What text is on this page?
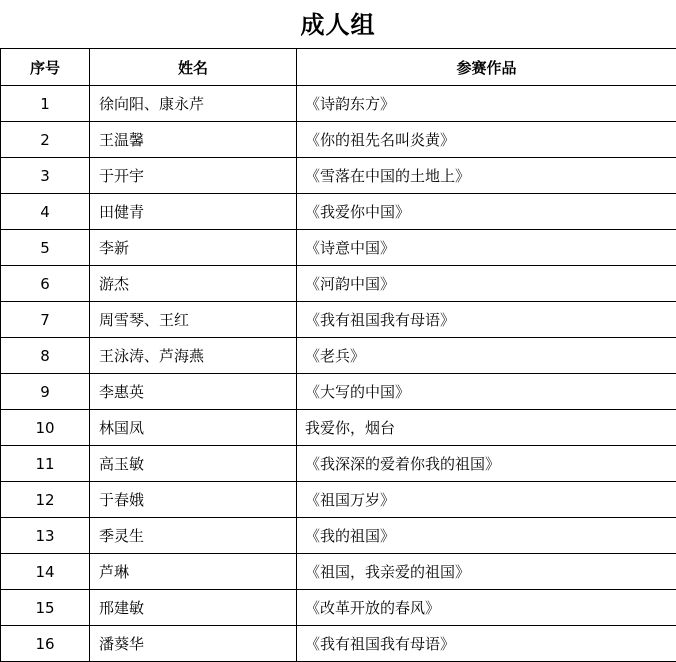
成人组
序号	姓名	参赛作品
1	徐向阳、康永芹	《诗韵东方》
2	王温馨	《你的祖先名叫炎黄》
3	于开宇	《雪落在中国的土地上》
4	田健青	《我爱你中国》
5	李新	《诗意中国》
6	游杰	《河韵中国》
7	周雪琴、王红	《我有祖国我有母语》
8	王泳涛、芦海燕	《老兵》
9	李惠英	《大写的中国》
10	林国凤	我爱你，烟台
11	高玉敏	《我深深的爱着你我的祖国》
12	于春娥	《祖国万岁》
13	季灵生	《我的祖国》
14	芦琳	《祖国，我亲爱的祖国》
15	邢建敏	《改革开放的春风》
16	潘葵华	《我有祖国我有母语》
